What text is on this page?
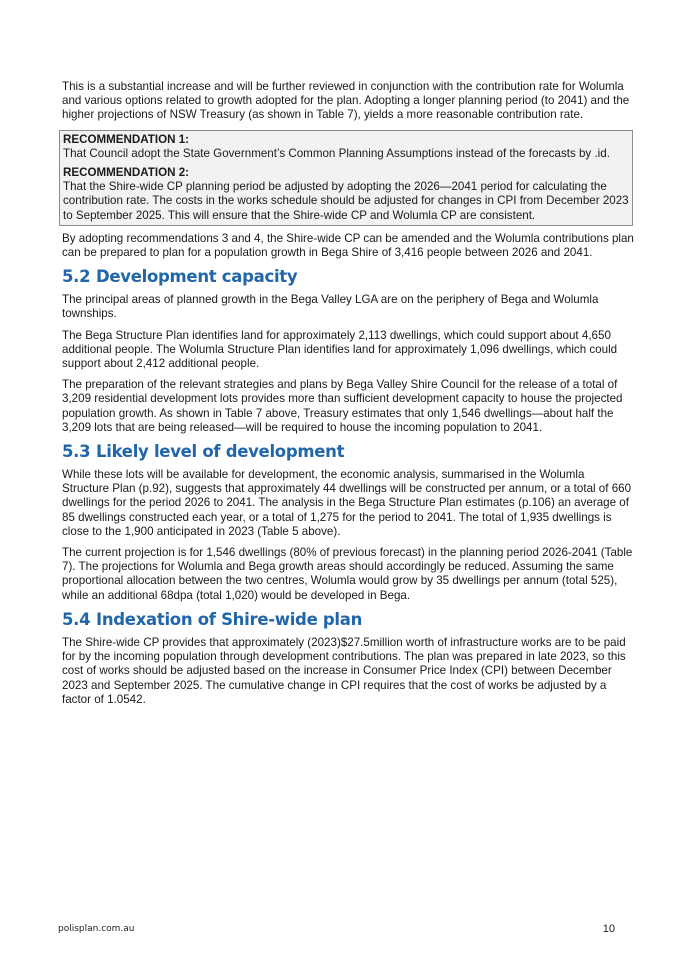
This is a substantial increase and will be further reviewed in conjunction with the contribution rate for Wolumla and various options related to growth adopted for the plan. Adopting a longer planning period (to 2041) and the higher projections of NSW Treasury (as shown in Table 7), yields a more reasonable contribution rate.

RECOMMENDATION 1:

That Council adopt the State Government’s Common Planning Assumptions instead of the forecasts by .id.

RECOMMENDATION 2:

That the Shire-wide CP planning period be adjusted by adopting the 2026—2041 period for calculating the contribution rate. The costs in the works schedule should be adjusted for changes in CPI from December 2023 to September 2025. This will ensure that the Shire-wide CP and Wolumla CP are consistent.

By adopting recommendations 3 and 4, the Shire-wide CP can be amended and the Wolumla contributions plan can be prepared to plan for a population growth in Bega Shire of 3,416 people between 2026 and 2041.

5.2 Development capacity

The principal areas of planned growth in the Bega Valley LGA are on the periphery of Bega and Wolumla townships.

The Bega Structure Plan identifies land for approximately 2,113 dwellings, which could support about 4,650 additional people. The Wolumla Structure Plan identifies land for approximately 1,096 dwellings, which could support about 2,412 additional people.

The preparation of the relevant strategies and plans by Bega Valley Shire Council for the release of a total of 3,209 residential development lots provides more than sufficient development capacity to house the projected population growth. As shown in Table 7 above, Treasury estimates that only 1,546 dwellings—about half the 3,209 lots that are being released—will be required to house the incoming population to 2041.

5.3 Likely level of development

While these lots will be available for development, the economic analysis, summarised in the Wolumla Structure Plan (p.92), suggests that approximately 44 dwellings will be constructed per annum, or a total of 660 dwellings for the period 2026 to 2041. The analysis in the Bega Structure Plan estimates (p.106) an average of 85 dwellings constructed each year, or a total of 1,275 for the period to 2041. The total of 1,935 dwellings is close to the 1,900 anticipated in 2023 (Table 5 above).

The current projection is for 1,546 dwellings (80% of previous forecast) in the planning period 2026-2041 (Table 7). The projections for Wolumla and Bega growth areas should accordingly be reduced. Assuming the same proportional allocation between the two centres, Wolumla would grow by 35 dwellings per annum (total 525), while an additional 68dpa (total 1,020) would be developed in Bega.

5.4 Indexation of Shire-wide plan

The Shire-wide CP provides that approximately (2023)$27.5million worth of infrastructure works are to be paid for by the incoming population through development contributions. The plan was prepared in late 2023, so this cost of works should be adjusted based on the increase in Consumer Price Index (CPI) between December 2023 and September 2025. The cumulative change in CPI requires that the cost of works be adjusted by a factor of 1.0542.

polisplan.com.au	10
